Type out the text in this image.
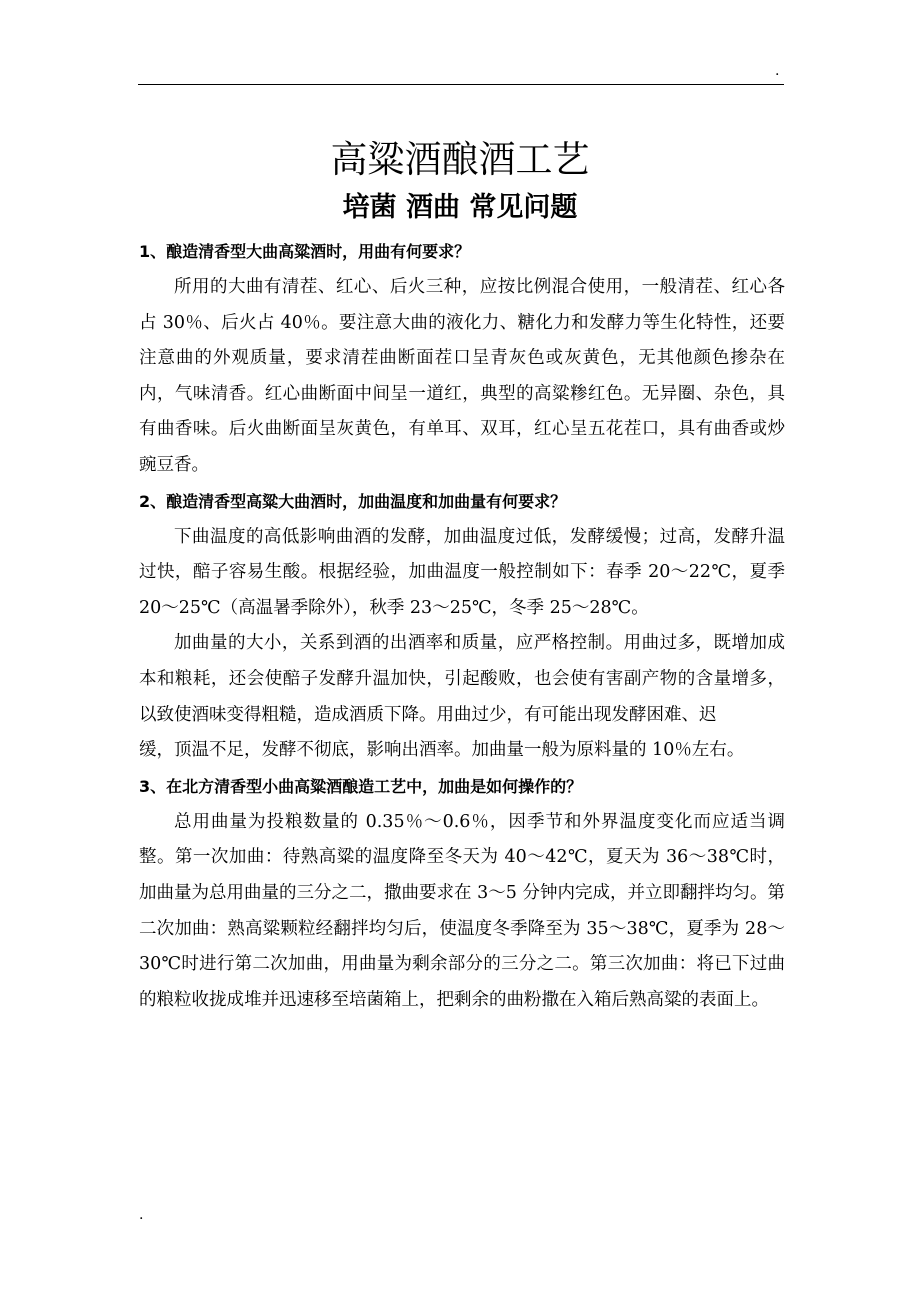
.
高粱酒酿酒工艺
培菌 酒曲 常见问题

1、酿造清香型大曲高粱酒时，用曲有何要求？

所用的大曲有清茬、红心、后火三种，应按比例混合使用，一般清茬、红心各占 30％、后火占 40％。要注意大曲的液化力、糖化力和发酵力等生化特性，还要注意曲的外观质量，要求清茬曲断面茬口呈青灰色或灰黄色，无其他颜色掺杂在内，气味清香。红心曲断面中间呈一道红，典型的高粱糁红色。无异圈、杂色，具有曲香味。后火曲断面呈灰黄色，有单耳、双耳，红心呈五花茬口，具有曲香或炒豌豆香。

2、酿造清香型高粱大曲酒时，加曲温度和加曲量有何要求？

下曲温度的高低影响曲酒的发酵，加曲温度过低，发酵缓慢；过高，发酵升温过快，醅子容易生酸。根据经验，加曲温度一般控制如下：春季 20～22℃，夏季 20～25℃（高温暑季除外），秋季 23～25℃，冬季 25～28℃。

加曲量的大小，关系到酒的出酒率和质量，应严格控制。用曲过多，既增加成本和粮耗，还会使醅子发酵升温加快，引起酸败，也会使有害副产物的含量增多，以致使酒味变得粗糙，造成酒质下降。用曲过少，有可能出现发酵困难、迟

缓，顶温不足，发酵不彻底，影响出酒率。加曲量一般为原料量的 10％左右。

3、在北方清香型小曲高粱酒酿造工艺中，加曲是如何操作的？

总用曲量为投粮数量的 0.35％～0.6％，因季节和外界温度变化而应适当调整。第一次加曲：待熟高粱的温度降至冬天为 40～42℃，夏天为 36～38℃时，加曲量为总用曲量的三分之二，撒曲要求在 3～5 分钟内完成，并立即翻拌均匀。第二次加曲：熟高粱颗粒经翻拌均匀后，使温度冬季降至为 35～38℃，夏季为 28～30℃时进行第二次加曲，用曲量为剩余部分的三分之二。第三次加曲：将已下过曲的粮粒收拢成堆并迅速移至培菌箱上，把剩余的曲粉撒在入箱后熟高粱的表面上。

.
